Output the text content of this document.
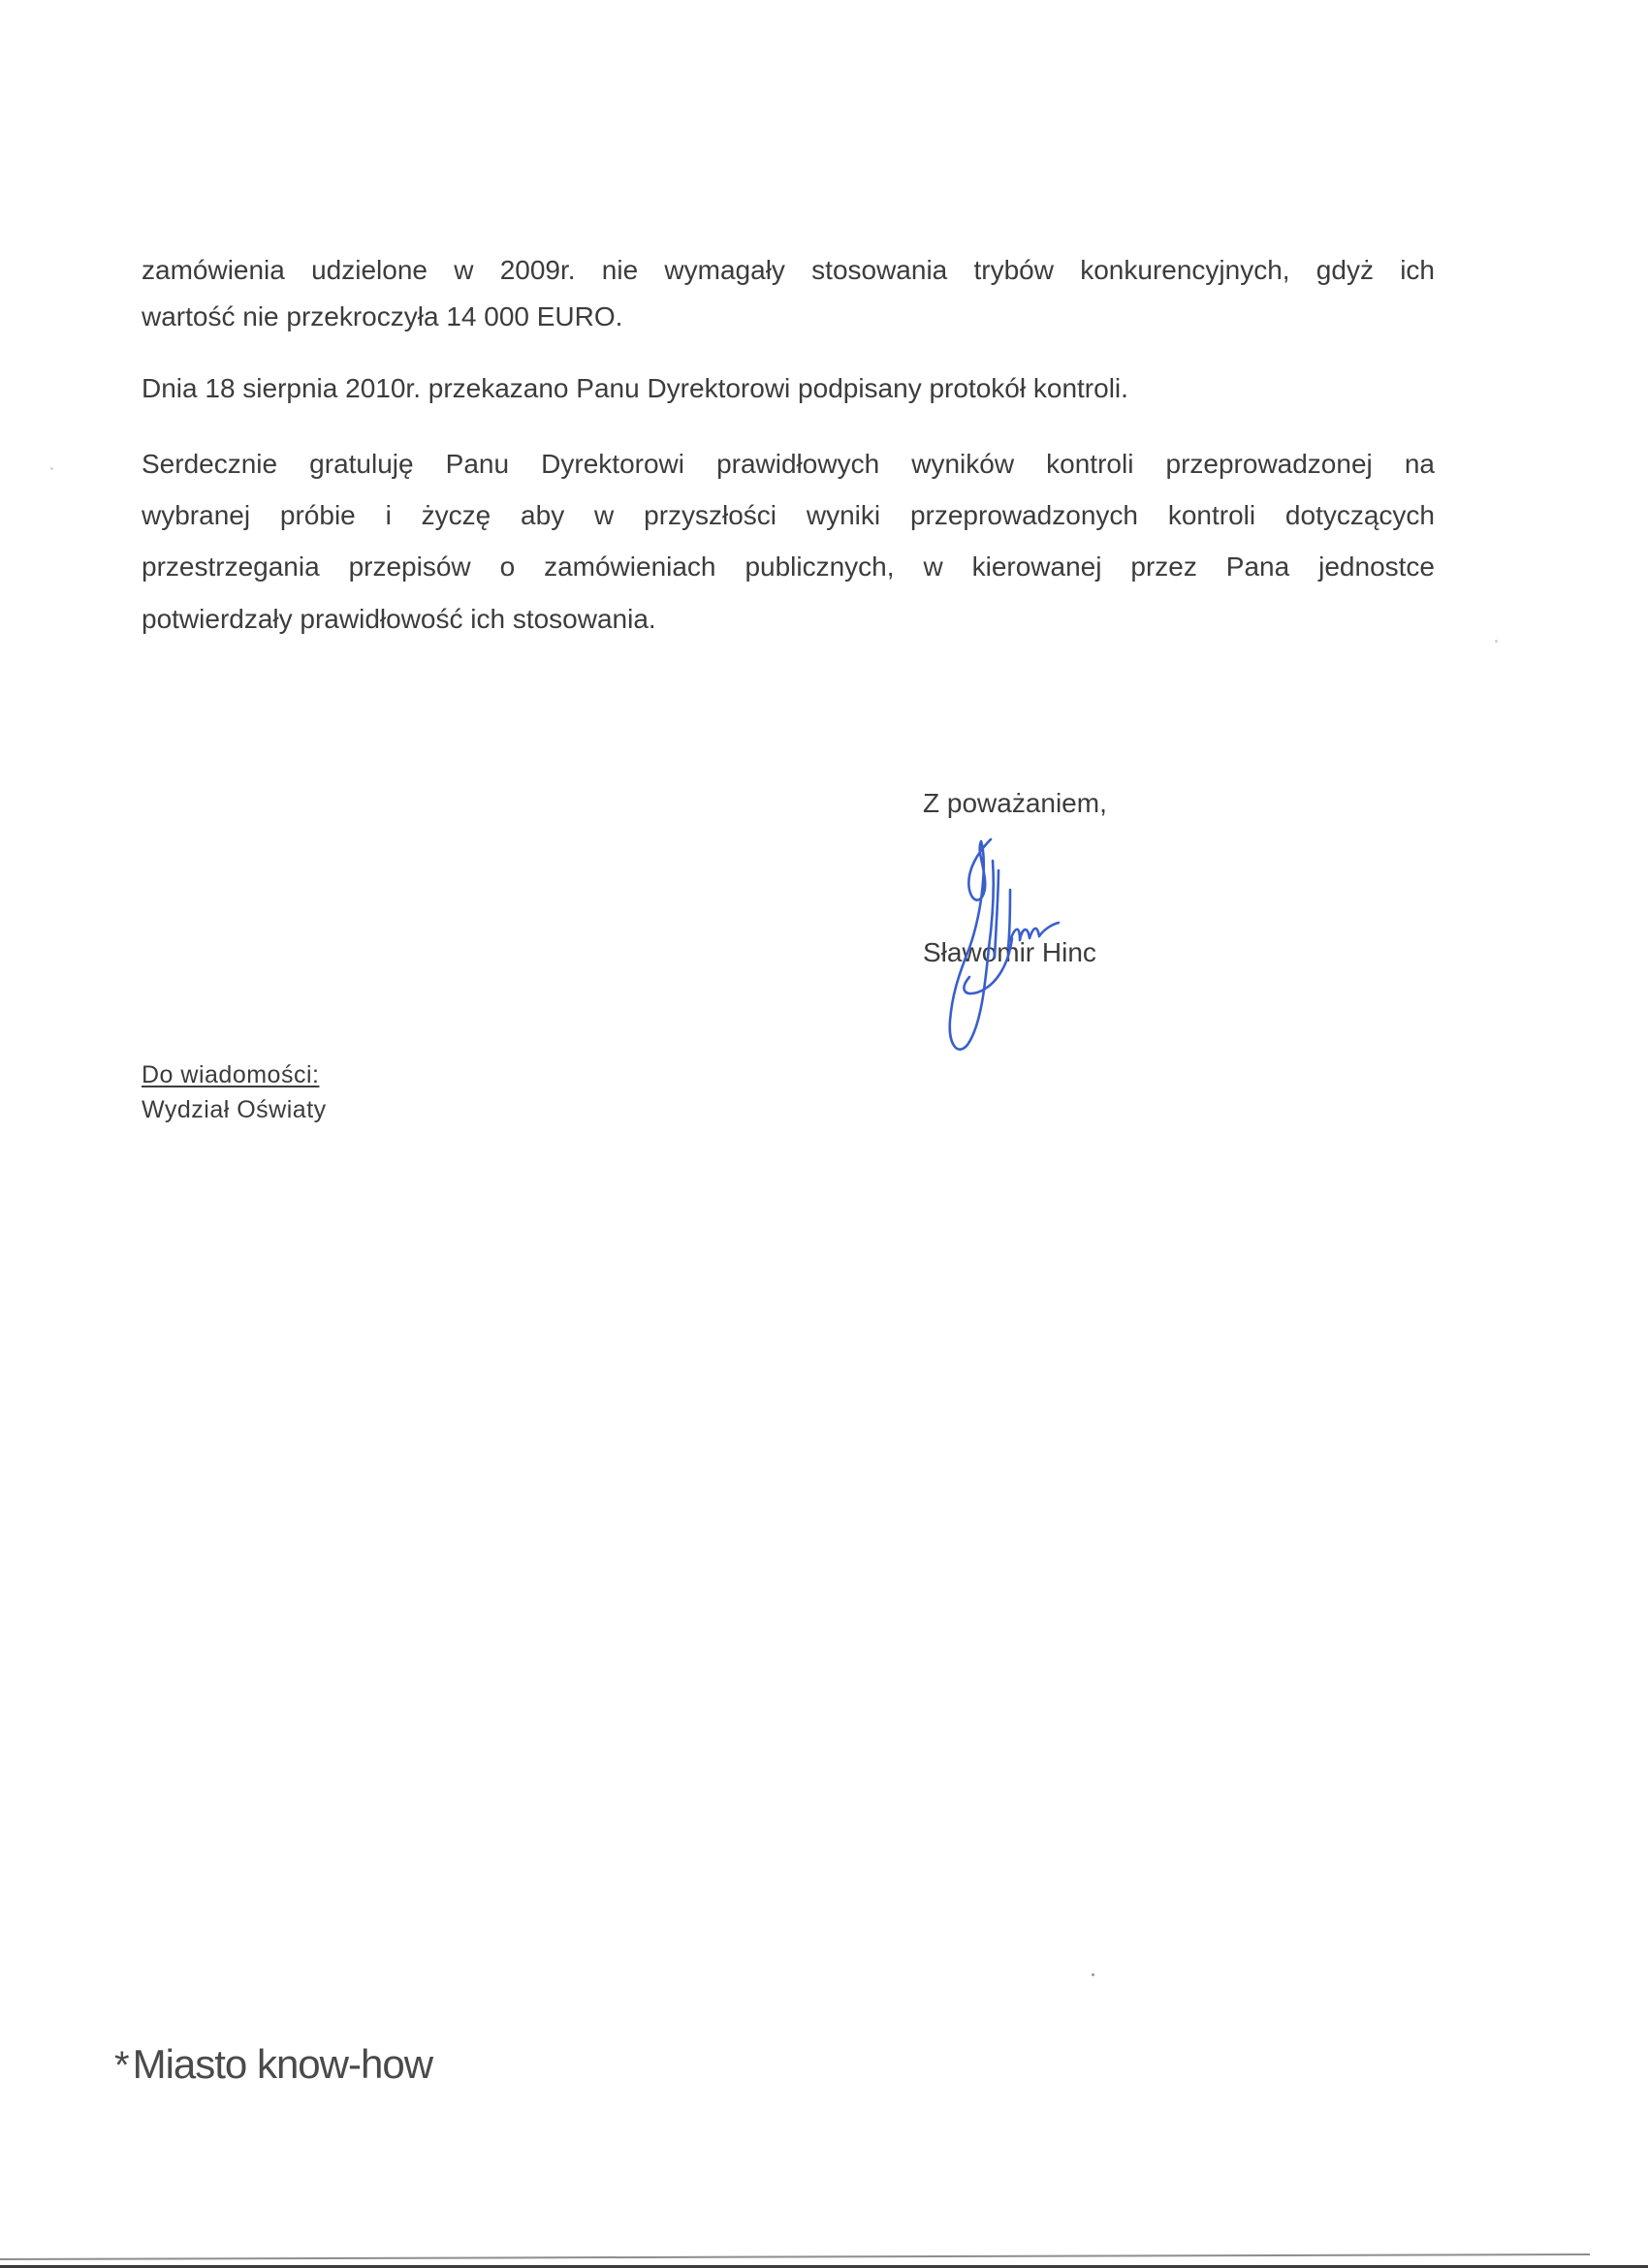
zamówienia udzielone w 2009r. nie wymagały stosowania trybów konkurencyjnych, gdyż ich
wartość nie przekroczyła 14 000 EURO.
Dnia 18 sierpnia 2010r. przekazano Panu Dyrektorowi podpisany protokół kontroli.
Serdecznie gratuluję Panu Dyrektorowi prawidłowych wyników kontroli przeprowadzonej na
wybranej próbie i życzę aby w przyszłości wyniki przeprowadzonych kontroli dotyczących
przestrzegania przepisów o zamówieniach publicznych, w kierowanej przez Pana jednostce
potwierdzały prawidłowość ich stosowania.
Z poważaniem,
Sławomir Hinc
Do wiadomości:
Wydział Oświaty
*Miasto know-how
